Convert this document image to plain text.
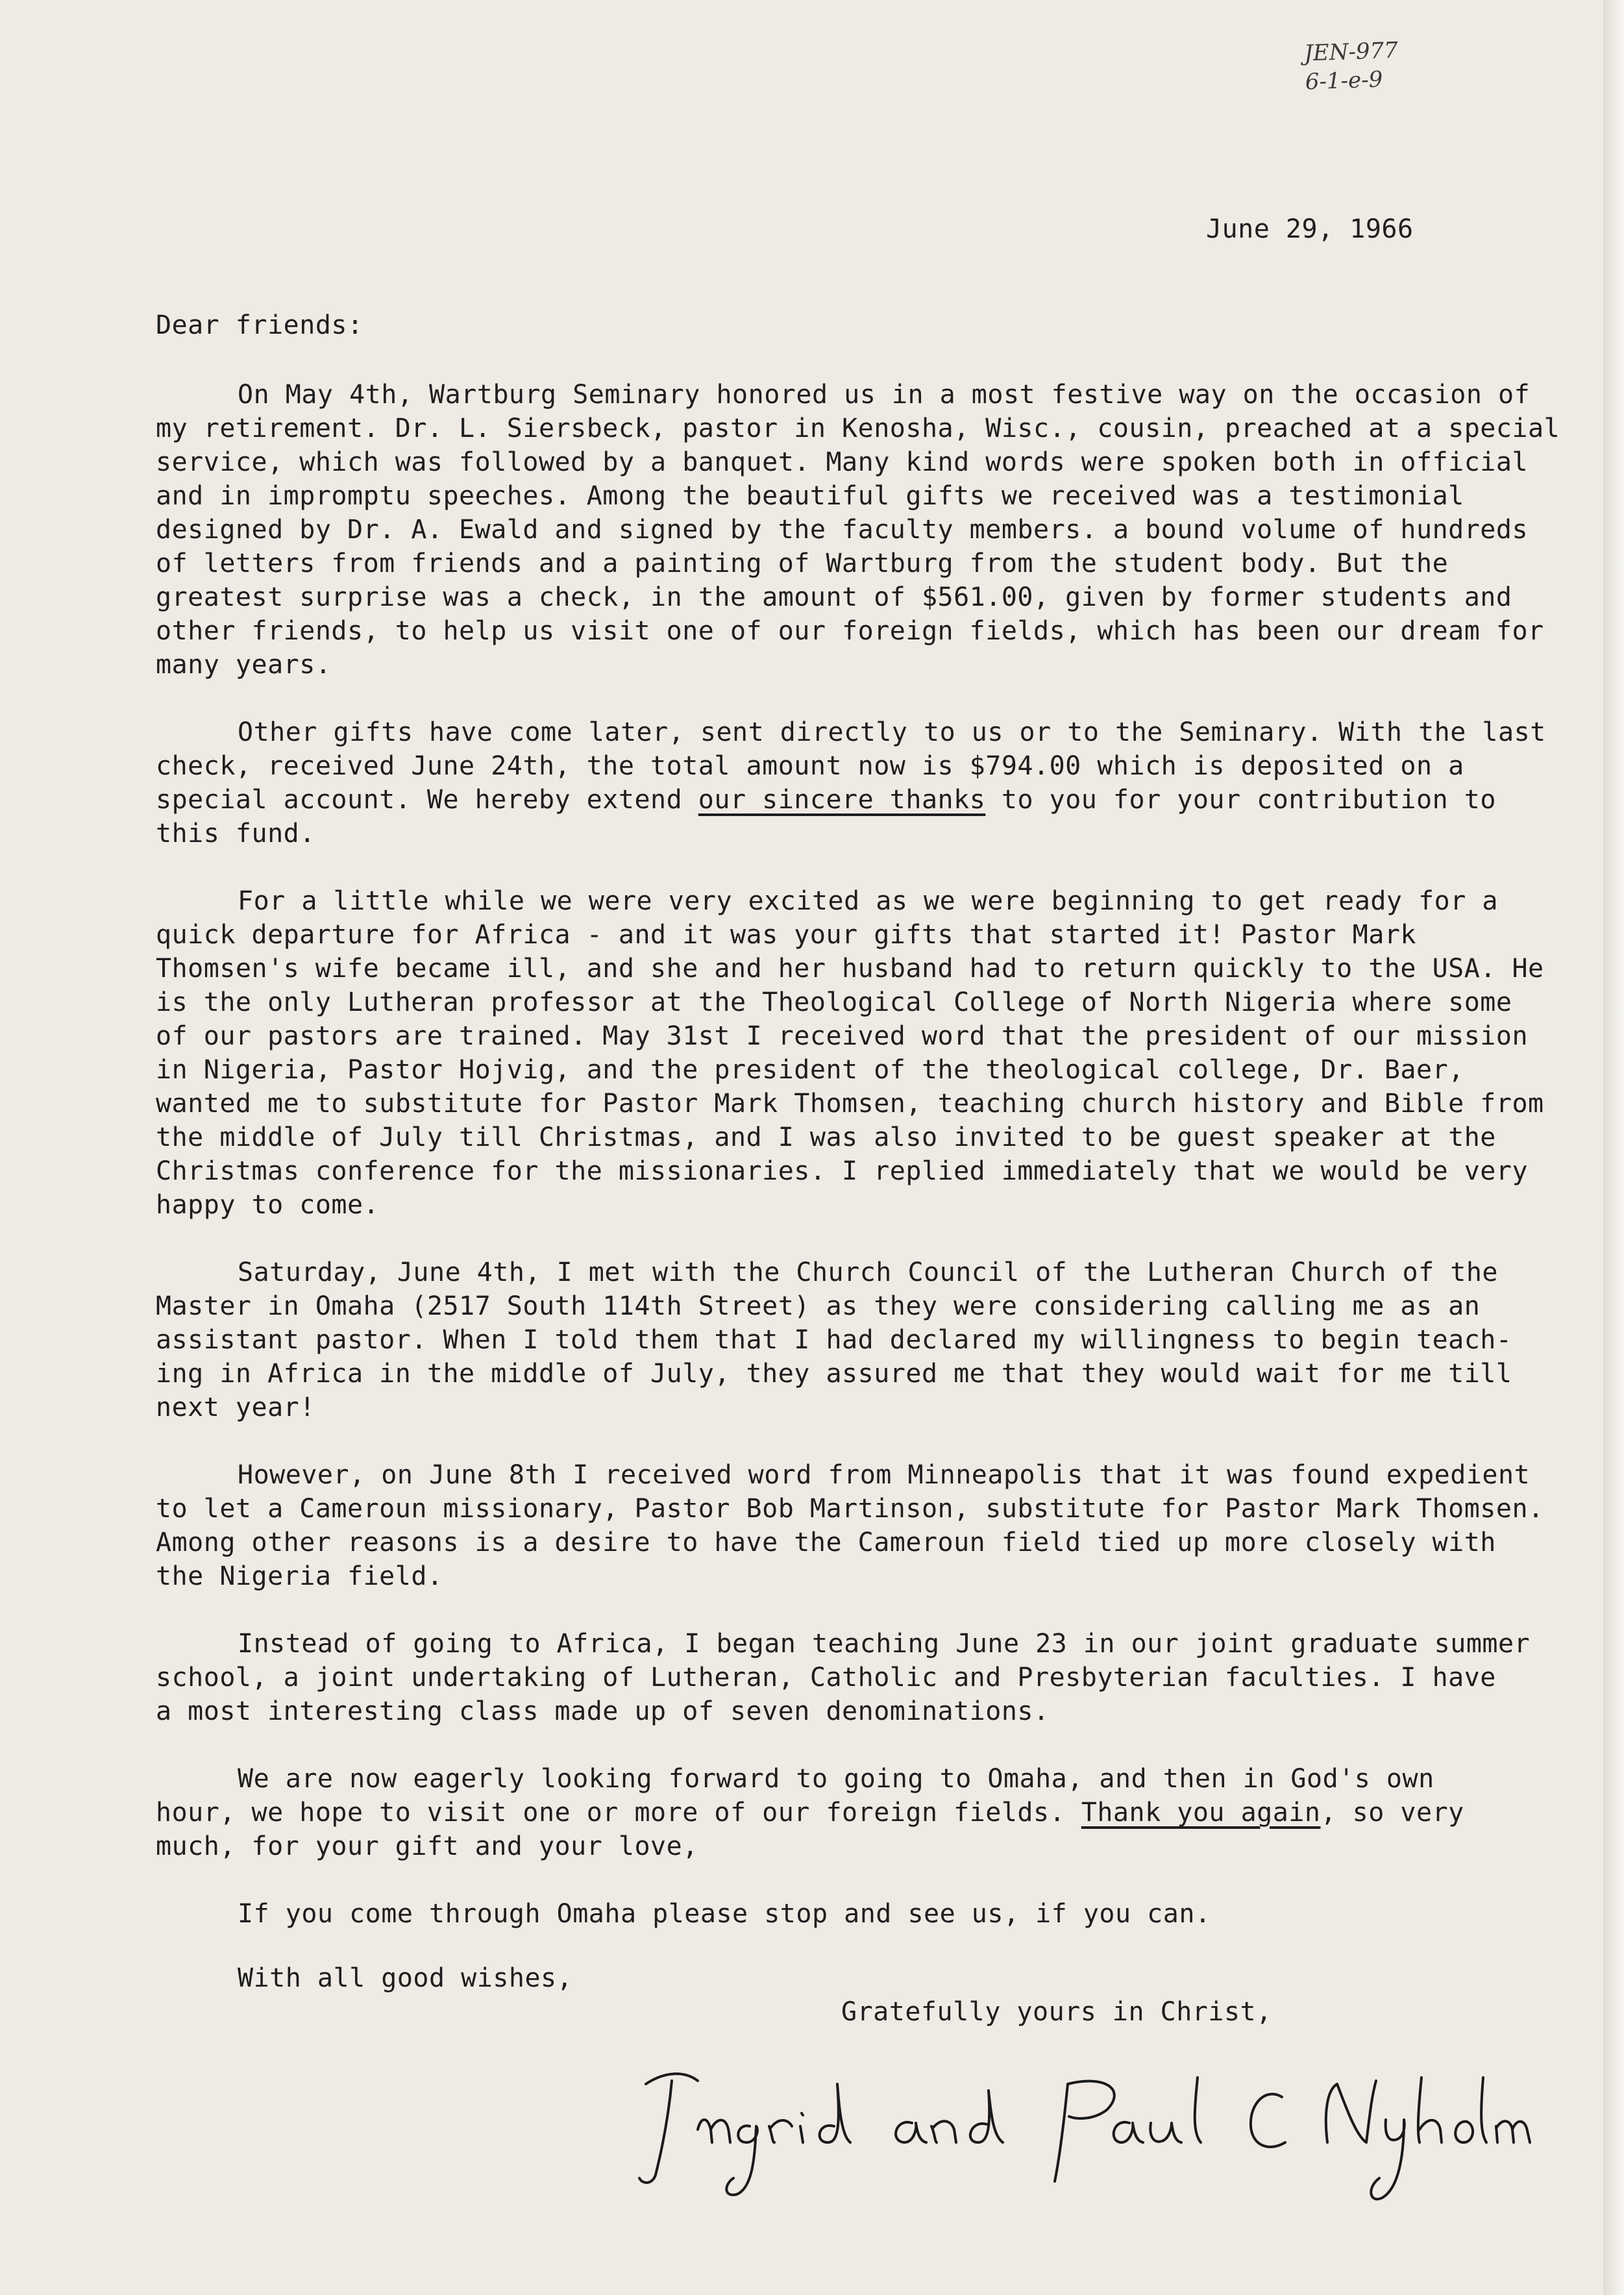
JEN-977
6-1-e-9
June 29, 1966
Dear friends:
On May 4th, Wartburg Seminary honored us in a most festive way on the occasion of
my retirement. Dr. L. Siersbeck, pastor in Kenosha, Wisc., cousin, preached at a special
service, which was followed by a banquet. Many kind words were spoken both in official
and in impromptu speeches. Among the beautiful gifts we received was a testimonial
designed by Dr. A. Ewald and signed by the faculty members. a bound volume of hundreds
of letters from friends and a painting of Wartburg from the student body. But the
greatest surprise was a check, in the amount of $561.00, given by former students and
other friends, to help us visit one of our foreign fields, which has been our dream for
many years.
Other gifts have come later, sent directly to us or to the Seminary. With the last
check, received June 24th, the total amount now is $794.00 which is deposited on a
special account. We hereby extend our sincere thanks to you for your contribution to
this fund.
For a little while we were very excited as we were beginning to get ready for a
quick departure for Africa - and it was your gifts that started it! Pastor Mark
Thomsen's wife became ill, and she and her husband had to return quickly to the USA. He
is the only Lutheran professor at the Theological College of North Nigeria where some
of our pastors are trained. May 31st I received word that the president of our mission
in Nigeria, Pastor Hojvig, and the president of the theological college, Dr. Baer,
wanted me to substitute for Pastor Mark Thomsen, teaching church history and Bible from
the middle of July till Christmas, and I was also invited to be guest speaker at the
Christmas conference for the missionaries. I replied immediately that we would be very
happy to come.
Saturday, June 4th, I met with the Church Council of the Lutheran Church of the
Master in Omaha (2517 South 114th Street) as they were considering calling me as an
assistant pastor. When I told them that I had declared my willingness to begin teach-
ing in Africa in the middle of July, they assured me that they would wait for me till
next year!
However, on June 8th I received word from Minneapolis that it was found expedient
to let a Cameroun missionary, Pastor Bob Martinson, substitute for Pastor Mark Thomsen.
Among other reasons is a desire to have the Cameroun field tied up more closely with
the Nigeria field.
Instead of going to Africa, I began teaching June 23 in our joint graduate summer
school, a joint undertaking of Lutheran, Catholic and Presbyterian faculties. I have
a most interesting class made up of seven denominations.
We are now eagerly looking forward to going to Omaha, and then in God's own
hour, we hope to visit one or more of our foreign fields. Thank you again, so very
much, for your gift and your love,

If you come through Omaha please stop and see us, if you can.

With all good wishes,
Gratefully yours in Christ,
